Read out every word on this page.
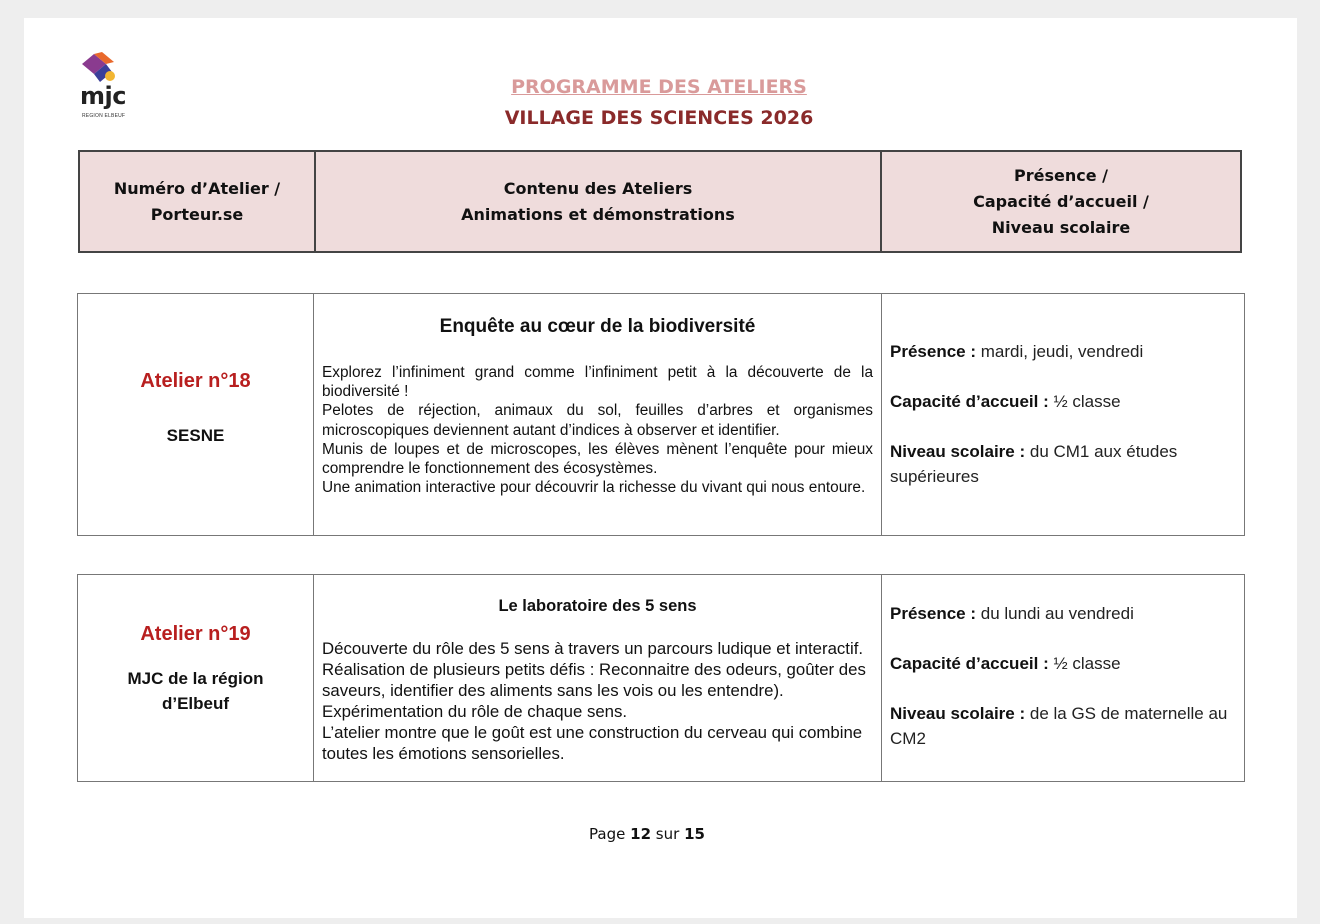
mjc
REGION ELBEUF
PROGRAMME DES ATELIERS
VILLAGE DES SCIENCES 2026
Numéro d’Atelier /
Porteur.se
Contenu des Ateliers
Animations et démonstrations
Présence /
Capacité d’accueil /
Niveau scolaire
Atelier n°18
SESNE
Enquête au cœur de la biodiversité
Explorez l’infiniment grand comme l’infiniment petit à la découverte de la biodiversité !
Pelotes de réjection, animaux du sol, feuilles d’arbres et organismes microscopiques deviennent autant d’indices à observer et identifier.
Munis de loupes et de microscopes, les élèves mènent l’enquête pour mieux comprendre le fonctionnement des écosystèmes.
Une animation interactive pour découvrir la richesse du vivant qui nous entoure.
Présence : mardi, jeudi, vendredi
Capacité d’accueil : ½ classe
Niveau scolaire : du CM1 aux études supérieures
Atelier n°19
MJC de la région
d’Elbeuf
Le laboratoire des 5 sens
Découverte du rôle des 5 sens à travers un parcours ludique et interactif. Réalisation de plusieurs petits défis : Reconnaitre des odeurs, goûter des saveurs, identifier des aliments sans les vois ou les entendre). Expérimentation du rôle de chaque sens.
L’atelier montre que le goût est une construction du cerveau qui combine toutes les émotions sensorielles.
Présence : du lundi au vendredi
Capacité d’accueil : ½ classe
Niveau scolaire : de la GS de maternelle au CM2
Page 12 sur 15
